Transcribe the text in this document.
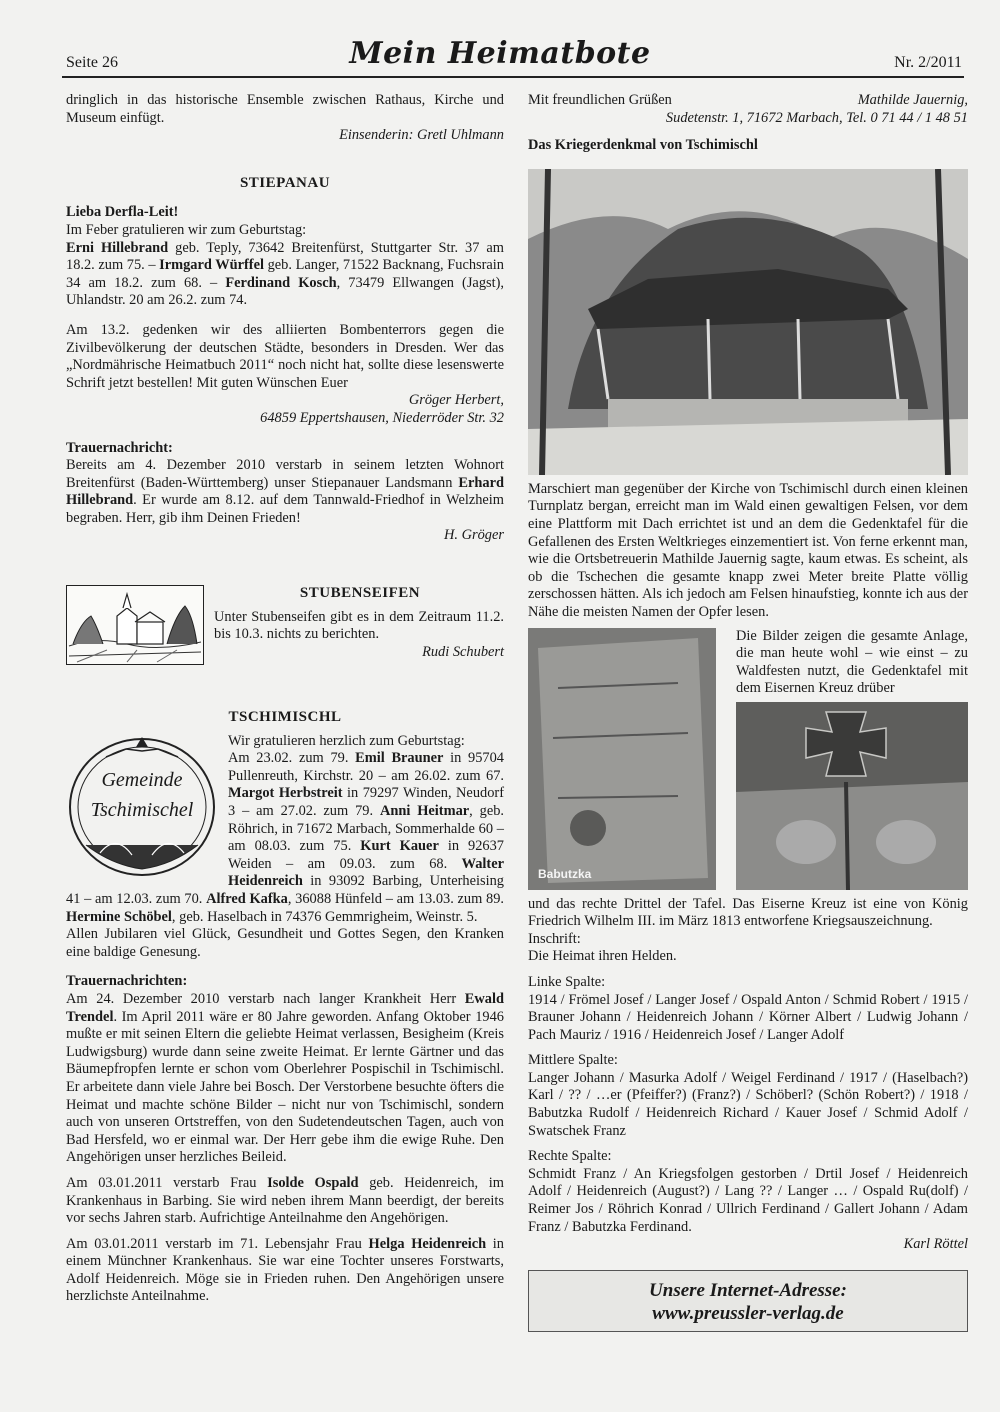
Seite 26	Mein Heimatbote	Nr. 2/2011

dringlich in das historische Ensemble zwischen Rathaus, Kirche und Museum einfügt.

Einsenderin: Gretl Uhlmann

STIEPANAU

Lieba Derfla-Leit!

Im Feber gratulieren wir zum Geburtstag:

Erni Hillebrand geb. Teply, 73642 Breitenfürst, Stuttgarter Str. 37 am 18.2. zum 75. – Irmgard Würffel geb. Langer, 71522 Backnang, Fuchsrain 34 am 18.2. zum 68. – Ferdinand Kosch, 73479 Ellwangen (Jagst), Uhlandstr. 20 am 26.2. zum 74.

Am 13.2. gedenken wir des alliierten Bombenterrors gegen die Zivilbevölkerung der deutschen Städte, besonders in Dresden. Wer das „Nordmährische Heimatbuch 2011“ noch nicht hat, sollte diese lesenswerte Schrift jetzt bestellen! Mit guten Wünschen Euer

Gröger Herbert,

64859 Eppertshausen, Niederröder Str. 32

Trauernachricht:

Bereits am 4. Dezember 2010 verstarb in seinem letzten Wohnort Breitenfürst (Baden-Württemberg) unser Stiepanauer Landsmann Erhard Hillebrand. Er wurde am 8.12. auf dem Tannwald-Friedhof in Welzheim begraben. Herr, gib ihm Deinen Frieden!

H. Gröger

STUBENSEIFEN

Unter Stubenseifen gibt es in dem Zeitraum 11.2. bis 10.3. nichts zu berichten.

Rudi Schubert

TSCHIMISCHL

Gemeinde
Tschimischel

Wir gratulieren herzlich zum Geburtstag:

Am 23.02. zum 79. Emil Brauner in 95704 Pullenreuth, Kirchstr. 20 – am 26.02. zum 67. Margot Herbstreit in 79297 Winden, Neudorf 3 – am 27.02. zum 79. Anni Heitmar, geb. Röhrich, in 71672 Marbach, Sommerhalde 60 – am 08.03. zum 75. Kurt Kauer in 92637 Weiden – am 09.03. zum 68. Walter Heidenreich in 93092 Barbing, Unterheising 41 – am 12.03. zum 70. Alfred Kafka, 36088 Hünfeld – am 13.03. zum 89. Hermine Schöbel, geb. Haselbach in 74376 Gemmrigheim, Weinstr. 5.

Allen Jubilaren viel Glück, Gesundheit und Gottes Segen, den Kranken eine baldige Genesung.

Trauernachrichten:

Am 24. Dezember 2010 verstarb nach langer Krankheit Herr Ewald Trendel. Im April 2011 wäre er 80 Jahre geworden. Anfang Oktober 1946 mußte er mit seinen Eltern die geliebte Heimat verlassen, Besigheim (Kreis Ludwigsburg) wurde dann seine zweite Heimat. Er lernte Gärtner und das Bäumepfropfen lernte er schon vom Oberlehrer Pospischil in Tschimischl. Er arbeitete dann viele Jahre bei Bosch. Der Verstorbene besuchte öfters die Heimat und machte schöne Bilder – nicht nur von Tschimischl, sondern auch von unseren Ortstreffen, von den Sudetendeutschen Tagen, auch von Bad Hersfeld, wo er einmal war. Der Herr gebe ihm die ewige Ruhe. Den Angehörigen unser herzliches Beileid.

Am 03.01.2011 verstarb Frau Isolde Ospald geb. Heidenreich, im Krankenhaus in Barbing. Sie wird neben ihrem Mann beerdigt, der bereits vor sechs Jahren starb. Aufrichtige Anteilnahme den Angehörigen.

Am 03.01.2011 verstarb im 71. Lebensjahr Frau Helga Heidenreich in einem Münchner Krankenhaus. Sie war eine Tochter unseres Forstwarts, Adolf Heidenreich. Möge sie in Frieden ruhen. Den Angehörigen unsere herzlichste Anteilnahme.

Mit freundlichen Grüßen	Mathilde Jauernig,

Sudetenstr. 1, 71672 Marbach, Tel. 0 71 44 / 1 48 51

Das Kriegerdenkmal von Tschimischl

Marschiert man gegenüber der Kirche von Tschimischl durch einen kleinen Turnplatz bergan, erreicht man im Wald einen gewaltigen Felsen, vor dem eine Plattform mit Dach errichtet ist und an dem die Gedenktafel für die Gefallenen des Ersten Weltkrieges einzementiert ist. Von ferne erkennt man, wie die Ortsbetreuerin Mathilde Jauernig sagte, kaum etwas. Es scheint, als ob die Tschechen die gesamte knapp zwei Meter breite Platte völlig zerschossen hätten. Als ich jedoch am Felsen hinaufstieg, konnte ich aus der Nähe die meisten Namen der Opfer lesen.

Babutzka

Die Bilder zeigen die gesamte Anlage, die man heute wohl – wie einst – zu Waldfesten nutzt, die Gedenktafel mit dem Eisernen Kreuz drüber

und das rechte Drittel der Tafel. Das Eiserne Kreuz ist eine von König Friedrich Wilhelm III. im März 1813 entworfene Kriegsauszeichnung.

Inschrift:

Die Heimat ihren Helden.

Linke Spalte:

1914 / Frömel Josef / Langer Josef / Ospald Anton / Schmid Robert / 1915 / Brauner Johann / Heidenreich Johann / Körner Albert / Ludwig Johann / Pach Mauriz / 1916 / Heidenreich Josef / Langer Adolf

Mittlere Spalte:

Langer Johann / Masurka Adolf / Weigel Ferdinand / 1917 / (Haselbach?) Karl / ?? / …er (Pfeiffer?) (Franz?) / Schöberl? (Schön Robert?) / 1918 / Babutzka Rudolf / Heidenreich Richard / Kauer Josef / Schmid Adolf / Swatschek Franz

Rechte Spalte:

Schmidt Franz / An Kriegsfolgen gestorben / Drtil Josef / Heidenreich Adolf / Heidenreich (August?) / Lang ?? / Langer … / Ospald Ru(dolf) / Reimer Jos / Röhrich Konrad / Ullrich Ferdinand / Gallert Johann / Adam Franz / Babutzka Ferdinand.

Karl Röttel

Unsere Internet-Adresse:
www.preussler-verlag.de
